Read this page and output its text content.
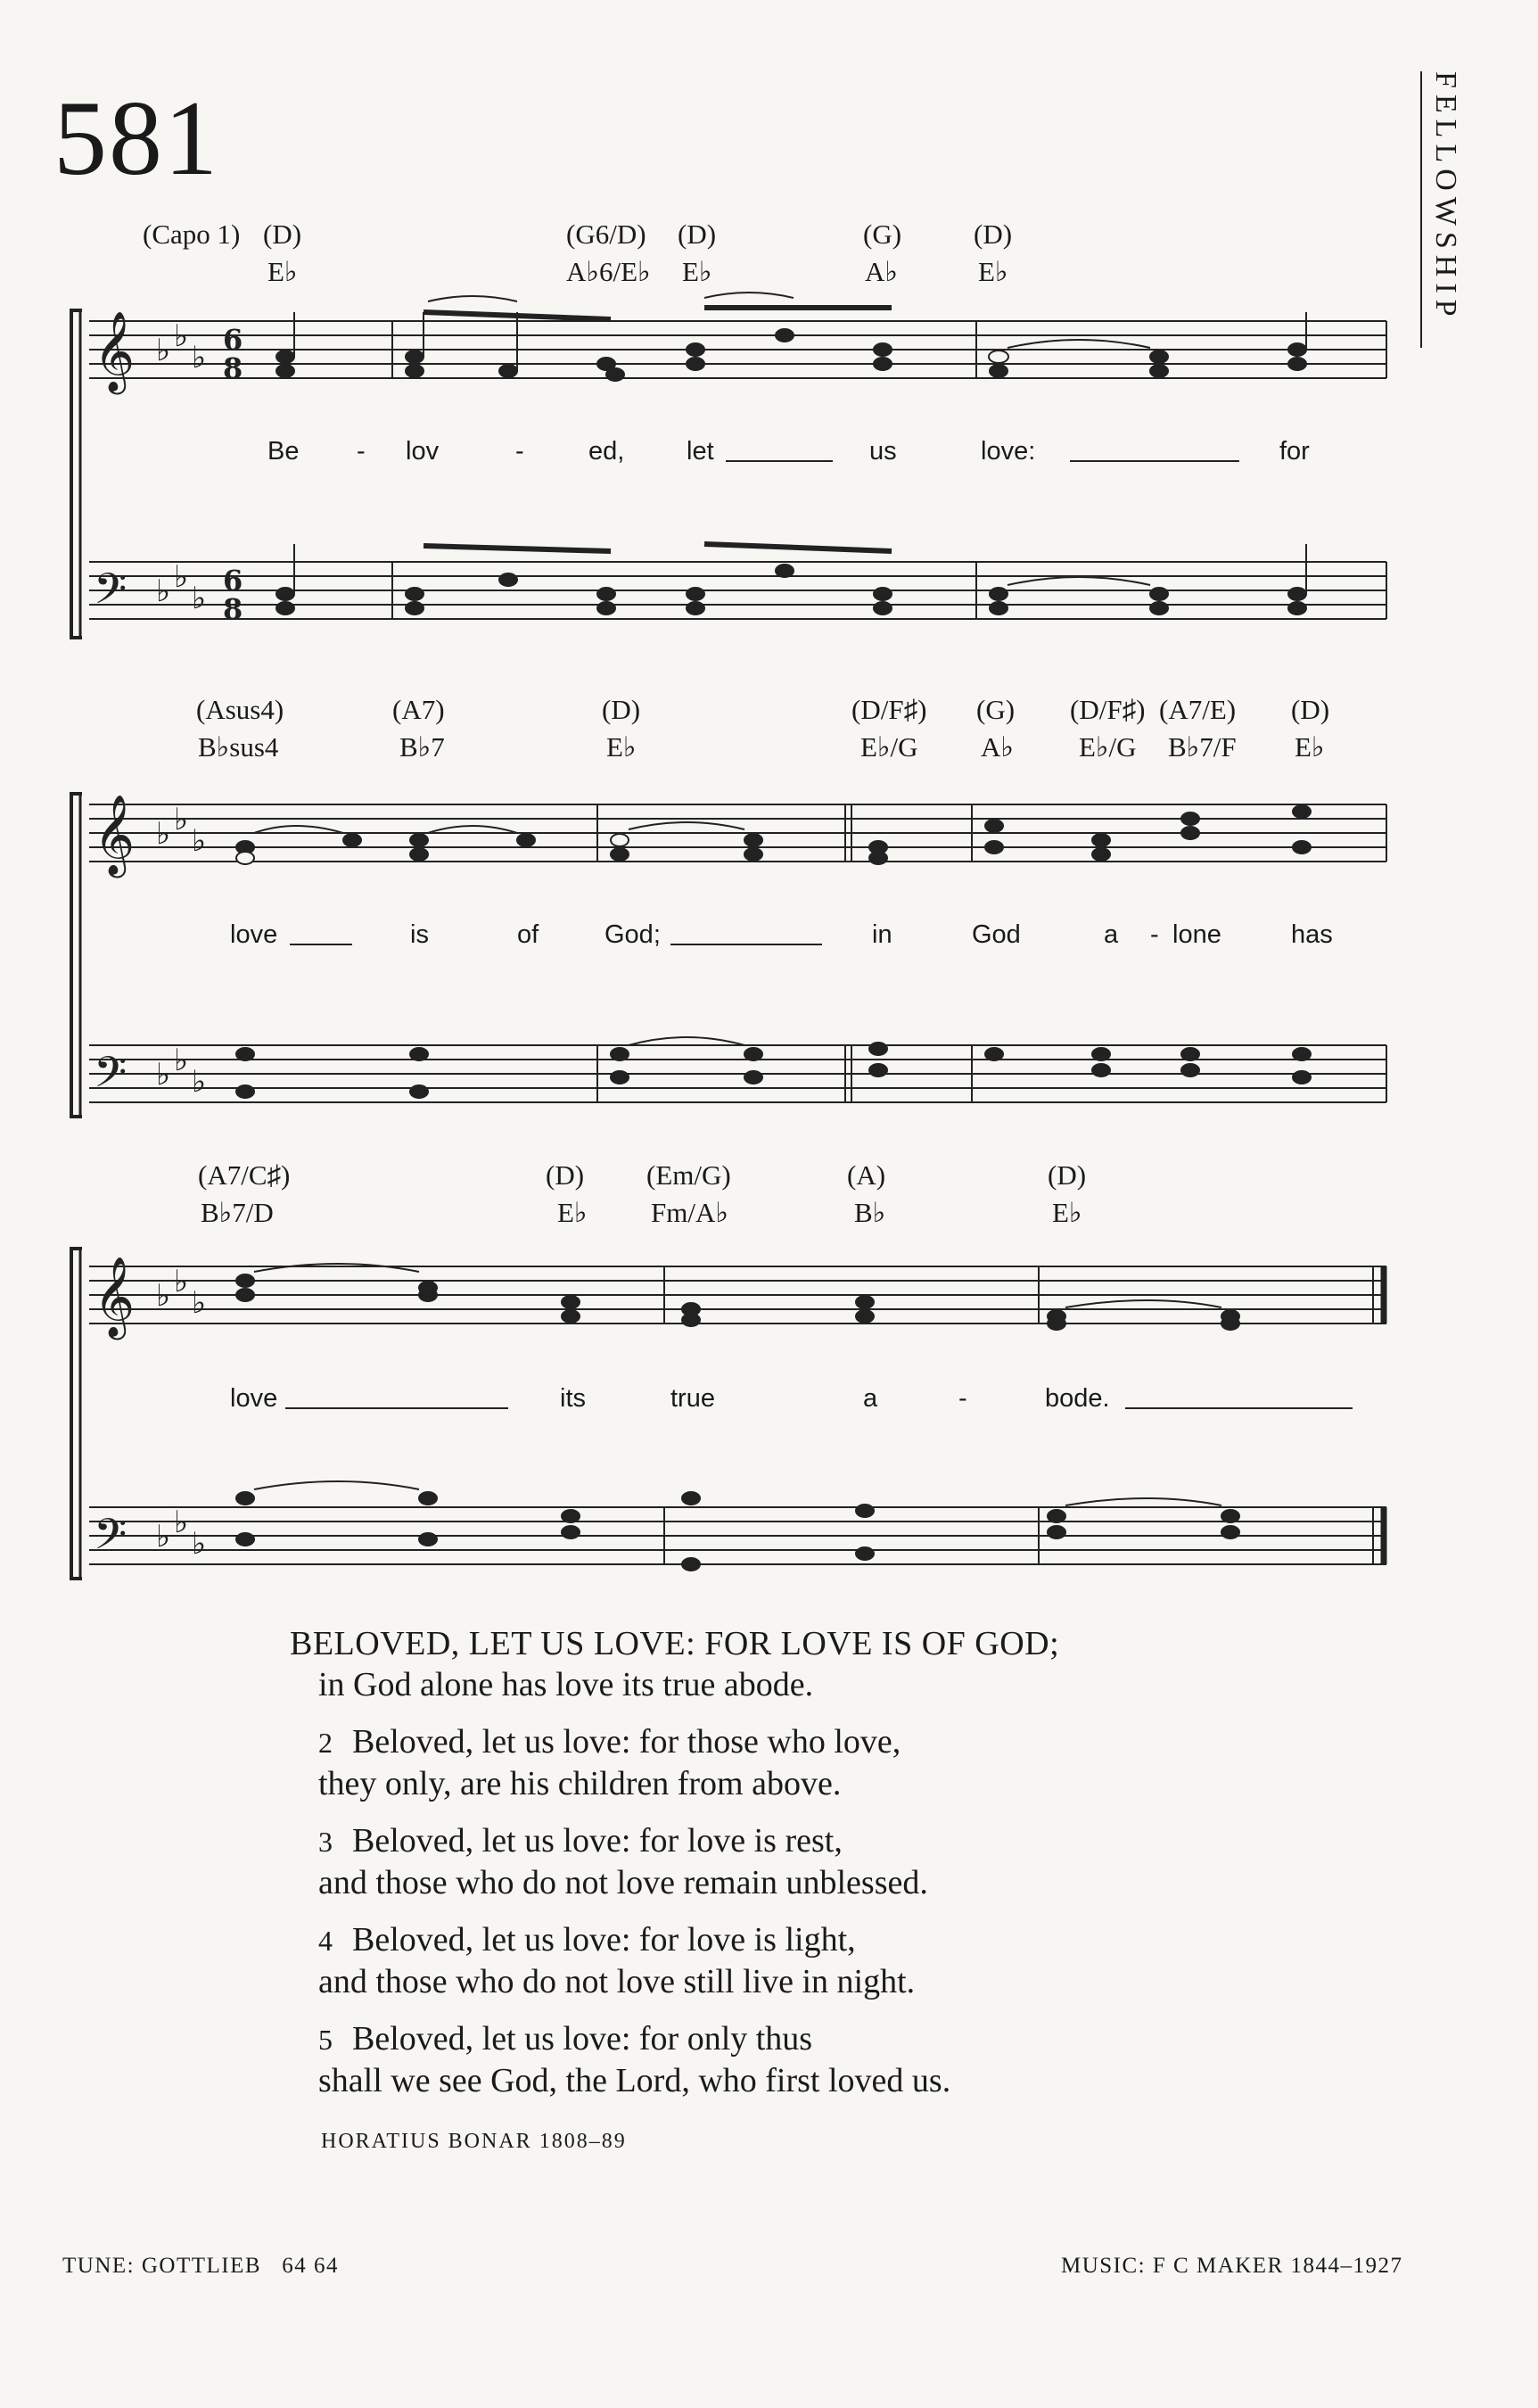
581	FELLOWSHIP
(Capo 1) (D)	(G6/D) (D)	(G)	(D)
E♭	A♭6/E♭ E♭	A♭	E♭
𝄞
𝄢
♭ ♭
♭
♭ ♭
♭
6
8
6
8
Be - lov	- ed, let	us	love:	for
(Asus4)	(A7)	(D)	(D/F♯) (G) (D/F♯) (A7/E) (D)
B♭sus4	B♭7	E♭	E♭/G A♭ E♭/G B♭7/F E♭
𝄞
𝄢
♭ ♭
♭
♭ ♭
♭
love	is	of	God;	in	God	a - lone	has
(A7/C♯)	(D) (Em/G)	(A)	(D)
B♭7/D	E♭ Fm/A♭	B♭	E♭
𝄞
𝄢
♭ ♭
♭
♭ ♭
♭
love	its	true	a	-	bode.
BELOVED, LET US LOVE: FOR LOVE IS OF GOD;
in God alone has love its true abode.
2 Beloved, let us love: for those who love,
they only, are his children from above.
3 Beloved, let us love: for love is rest,
and those who do not love remain unblessed.
4 Beloved, let us love: for love is light,
and those who do not love still live in night.
5 Beloved, let us love: for only thus
shall we see God, the Lord, who first loved us.
HORATIUS BONAR 1808–89
TUNE: GOTTLIEB 64 64	MUSIC: F C MAKER 1844–1927
